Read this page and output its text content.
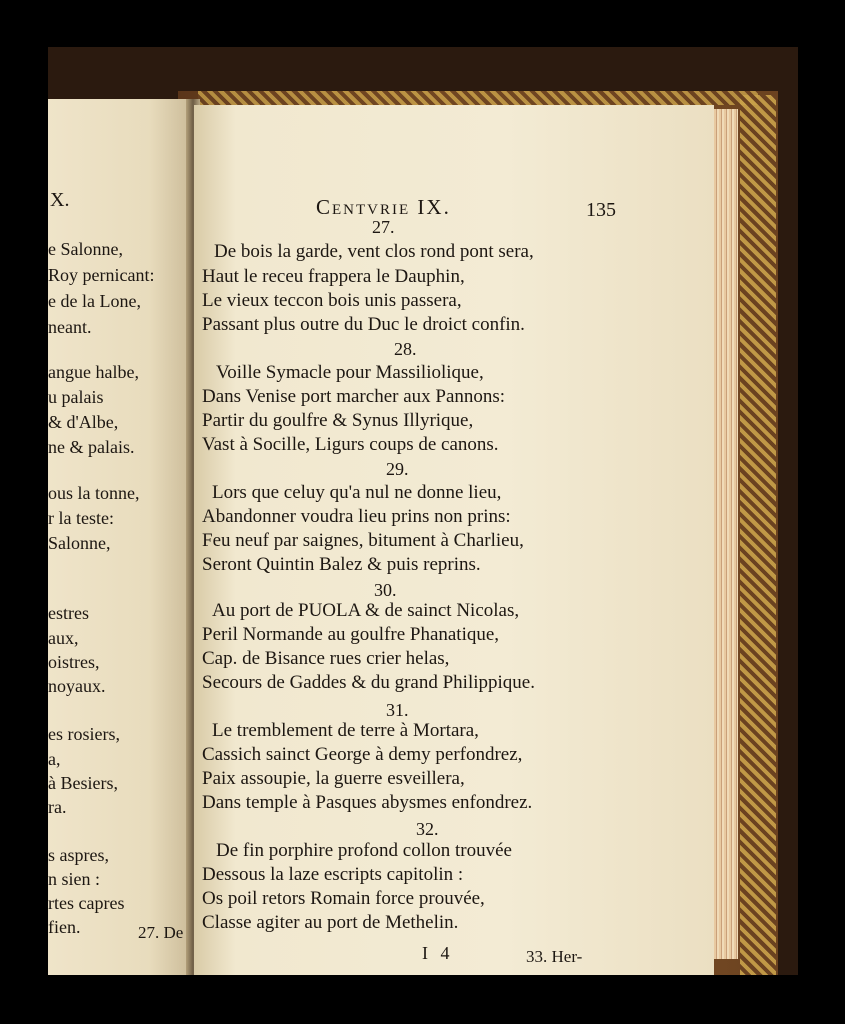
X.
e Salonne,
Roy pernicant:
e de la Lone,
neant.
angue halbe,
u palais
& d'Albe,
ne & palais.
ous la tonne,
r la teste:
Salonne,
estres
aux,
oistres,
noyaux.
es rosiers,
a,
à Besiers,
ra.
s aspres,
n sien :
rtes capres
fien.	27. De
Centvrie IX.	135
27.
De bois la garde, vent clos rond pont sera,
Haut le receu frappera le Dauphin,
Le vieux teccon bois unis passera,
Passant plus outre du Duc le droict confin.
28.
Voille Symacle pour Massiliolique,
Dans Venise port marcher aux Pannons:
Partir du goulfre & Synus Illyrique,
Vast à Socille, Ligurs coups de canons.
29.
Lors que celuy qu'a nul ne donne lieu,
Abandonner voudra lieu prins non prins:
Feu neuf par saignes, bitument à Charlieu,
Seront Quintin Balez & puis reprins.
30.
Au port de PUOLA & de sainct Nicolas,
Peril Normande au goulfre Phanatique,
Cap. de Bisance rues crier helas,
Secours de Gaddes & du grand Philippique.
31.
Le tremblement de terre à Mortara,
Cassich sainct George à demy perfondrez,
Paix assoupie, la guerre esveillera,
Dans temple à Pasques abysmes enfondrez.
32.
De fin porphire profond collon trouvée
Dessous la laze escripts capitolin :
Os poil retors Romain force prouvée,
Classe agiter au port de Methelin.
I 4	33. Her-
